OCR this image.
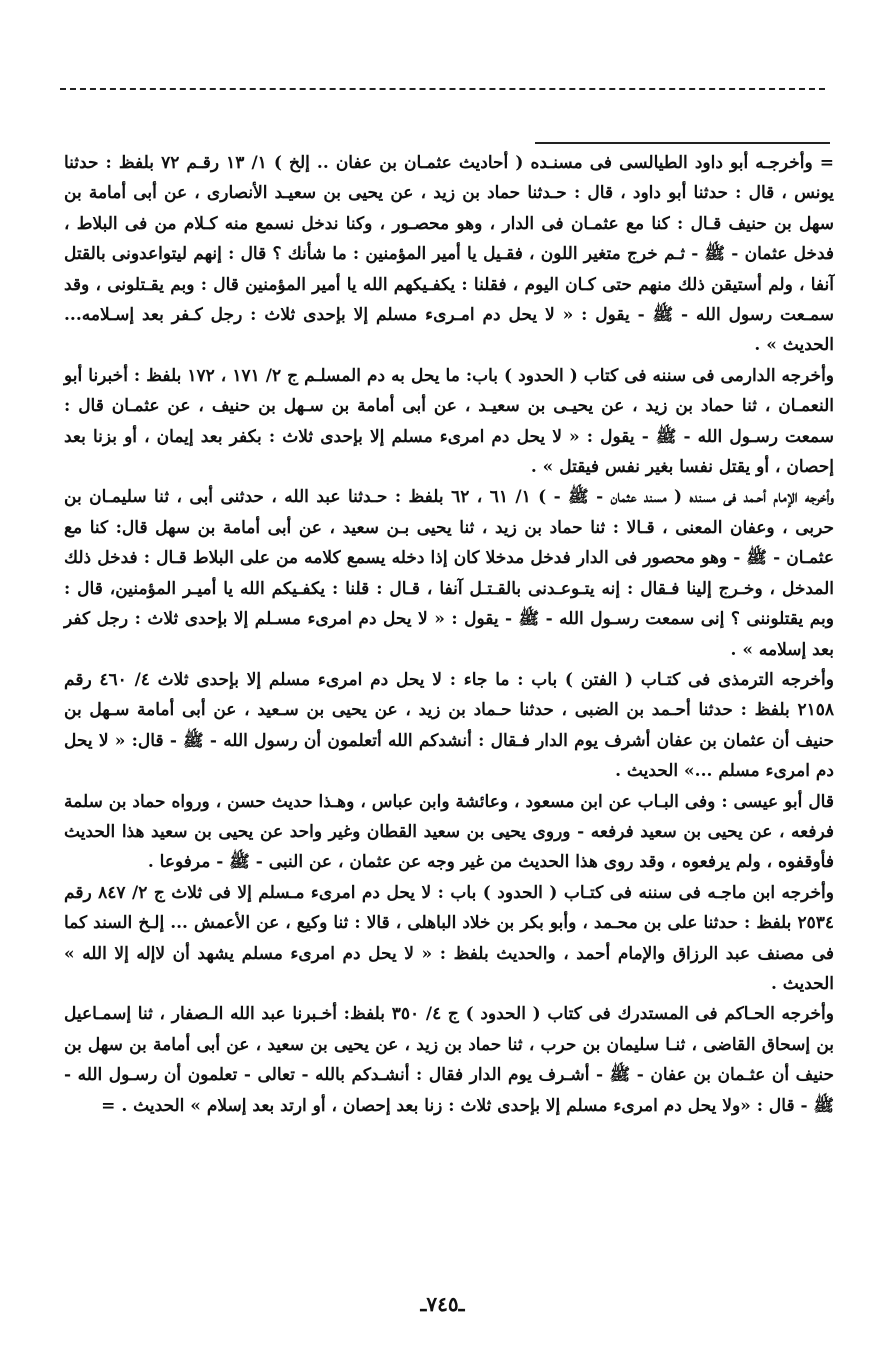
= وأخرجـه أبو داود الطيالسى فى مسنـده ( أحاديث عثمـان بن عفان .. إلخ ) ١/ ١٣ رقـم ٧٢ بلفظ : حدثنا يونس ، قال : حدثنا أبو داود ، قال : حـدثنا حماد بن زيد ، عن يحيى بن سعيـد الأنصارى ، عن أبى أمامة بن سهل بن حنيف قـال : كنا مع عثمـان فى الدار ، وهو محصـور ، وكنا ندخل نسمع منه كـلام من فى البلاط ، فدخل عثمان - ﷺ - ثـم خرج متغير اللون ، فقـيل يا أمير المؤمنين : ما شأنك ؟ قال : إنهم ليتواعدونى بالقتل آنفا ، ولم أستيقن ذلك منهم حتى كـان اليوم ، فقلنا : يكفـيكهم الله يا أمير المؤمنين قال : وبم يقـتلونى ، وقد سمـعت رسول الله - ﷺ - يقول : « لا يحل دم امـرىء مسلم إلا بإحدى ثلاث : رجل كـفر بعد إسـلامه... الحديث » .

وأخرجه الدارمى فى سننه فى كتاب ( الحدود ) باب: ما يحل به دم المسلـم ج ٢/ ١٧١ ، ١٧٢ بلفظ : أخبرنا أبو النعمـان ، ثنا حماد بن زيد ، عن يحيـى بن سعيـد ، عن أبى أمامة بن سـهل بن حنيف ، عن عثمـان قال : سمعت رسـول الله - ﷺ - يقول : « لا يحل دم امرىء مسلم إلا بإحدى ثلاث : بكفر بعد إيمان ، أو بزنا بعد إحصان ، أو يقتل نفسا بغير نفس فيقتل » .

وأخرجه الإمام أحـمد فى مسنده ( مسند عثمان - ﷺ - ) ١/ ٦١ ، ٦٢ بلفظ : حـدثنا عبد الله ، حدثنى أبى ، ثنا سليمـان بن حربى ، وعفان المعنى ، قـالا : ثنا حماد بن زيد ، ثنا يحيى بـن سعيد ، عن أبى أمامة بن سهل قال: كنا مع عثمـان - ﷺ - وهو محصور فى الدار فدخل مدخلا كان إذا دخله يسمع كلامه من على البلاط قـال : فدخل ذلك المدخل ، وخـرج إلينا فـقال : إنه يتـوعـدنى بالقـتـل آنفا ، قـال : قلنا : يكفـيكم الله يا أميـر المؤمنين، قال : وبم يقتلوننى ؟ إنى سمعت رسـول الله - ﷺ - يقول : « لا يحل دم امرىء مسـلم إلا بإحدى ثلاث : رجل كفر بعد إسلامه » .

وأخرجه الترمذى فى كتـاب ( الفتن ) باب : ما جاء : لا يحل دم امرىء مسلم إلا بإحدى ثلاث ٤/ ٤٦٠ رقم ٢١٥٨ بلفظ : حدثنا أحـمد بن الضبى ، حدثنا حـماد بن زيد ، عن يحيى بن سـعيد ، عن أبى أمامة سـهل بن حنيف أن عثمان بن عفان أشرف يوم الدار فـقال : أنشدكم الله أتعلمون أن رسول الله - ﷺ - قال: « لا يحل دم امرىء مسلم ...» الحديث .

قال أبو عيسى : وفى البـاب عن ابن مسعود ، وعائشة وابن عباس ، وهـذا حديث حسن ، ورواه حماد بن سلمة فرفعه ، عن يحيى بن سعيد فرفعه - وروى يحيى بن سعيد القطان وغير واحد عن يحيى بن سعيد هذا الحديث فأوقفوه ، ولم يرفعوه ، وقد روى هذا الحديث من غير وجه عن عثمان ، عن النبى - ﷺ - مرفوعا .

وأخرجه ابن ماجـه فى سننه فى كتـاب ( الحدود ) باب : لا يحل دم امرىء مـسلم إلا فى ثلاث ج ٢/ ٨٤٧ رقم ٢٥٣٤ بلفظ : حدثنا على بن محـمد ، وأبو بكر بن خلاد الباهلى ، قالا : ثنا وكيع ، عن الأعمش ... إلـخ السند كما فى مصنف عبد الرزاق والإمام أحمد ، والحديث بلفظ : « لا يحل دم امرىء مسلم يشهد أن لاإله إلا الله » الحديث .

وأخرجه الحـاكم فى المستدرك فى كتاب ( الحدود ) ج ٤/ ٣٥٠ بلفظ: أخـبرنا عبد الله الـصفار ، ثنا إسمـاعيل بن إسحاق القاضى ، ثنـا سليمان بن حرب ، ثنا حماد بن زيد ، عن يحيى بن سعيد ، عن أبى أمامة بن سهل بن حنيف أن عثـمان بن عفان - ﷺ - أشـرف يوم الدار فقال : أنشـدكم بالله - تعالى - تعلمون أن رسـول الله - ﷺ - قال : «ولا يحل دم امرىء مسلم إلا بإحدى ثلاث : زنا بعد إحصان ، أو ارتد بعد إسلام » الحديث . =

ـ٧٤٥ـ
